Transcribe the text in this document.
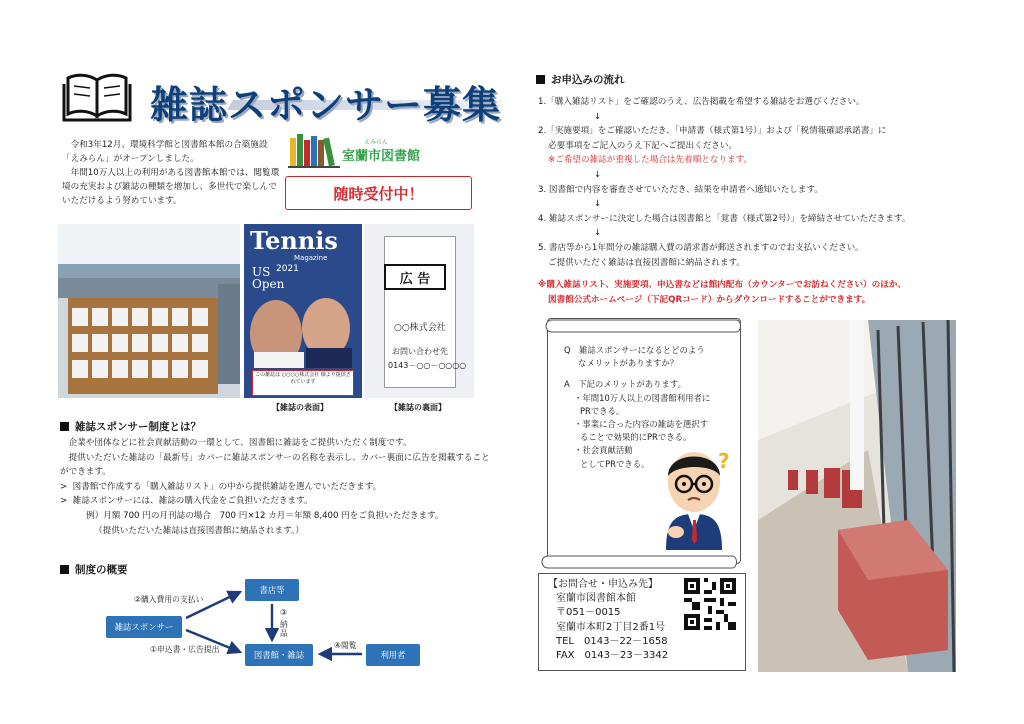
雑誌スポンサー募集

令和3年12月、環境科学館と図書館本館の合築施設「えみらん」がオープンしました。

年間10万人以上の利用がある図書館本館では、閲覧環境の充実および雑誌の種類を増加し、多世代で楽しんでいただけるよう努めています。

えみらん
室蘭市図書館
随時受付中！
Tennis
Magazine
2021
US Open
この雑誌は ○○○○株式会社 様より提供されています
広 告
○○株式会社
お問い合わせ先
0143－○○－○○○○
【雑誌の表面】	【雑誌の裏面】
雑誌スポンサー制度とは？

企業や団体などに社会貢献活動の一環として、図書館に雑誌をご提供いただく制度です。

提供いただいた雑誌の「最新号」カバーに雑誌スポンサーの名称を表示し、カバー裏面に広告を掲載することができます。

>  図書館で作成する「購入雑誌リスト」の中から提供雑誌を選んでいただきます。

>  雑誌スポンサーには、雑誌の購入代金をご負担いただきます。

例）月額 700 円の月刊誌の場合　700 円×12 カ月＝年額 8,400 円をご負担いただきます。

（提供いただいた雑誌は直接図書館に納品されます。）

制度の概要
書店等
雑誌スポンサー
図書館・雑誌	利用者
②購入費用の支払い
①申込書・広告提出
③
納品
④閲覧
お申込みの流れ

1.「購入雑誌リスト」をご確認のうえ、広告掲載を希望する雑誌をお選びください。

↓

2.「実施要項」をご確認いただき、「申請書（様式第1号）」および「税情報確認承諾書」に

必要事項をご記入のうえ下記へご提出ください。

※ご希望の雑誌が重複した場合は先着順となります。

↓

3. 図書館で内容を審査させていただき、結果を申請者へ通知いたします。

↓

4. 雑誌スポンサーに決定した場合は図書館と「覚書（様式第2号）」を締結させていただきます。

↓

5. 書店等から1年間分の雑誌購入費の請求書が郵送されますのでお支払いください。

ご提供いただく雑誌は直接図書館に納品されます。

※購入雑誌リスト、実施要項、申込書などは館内配布（カウンターでお訪ねください）のほか、

図書館公式ホームページ（下記QRコード）からダウンロードすることができます。

Q　雑誌スポンサーになるとどのよう

なメリットがありますか？

A　下記のメリットがあります。

・年間10万人以上の図書館利用者に

PRできる。

・事業に合った内容の雑誌を選択す

ることで効果的にPRできる。

・社会貢献活動

としてPRできる。	?

【お問合せ・申込み先】

室蘭市図書館本館

〒051－0015

室蘭市本町2丁目2番1号

TEL　0143－22－1658

FAX　0143－23－3342
